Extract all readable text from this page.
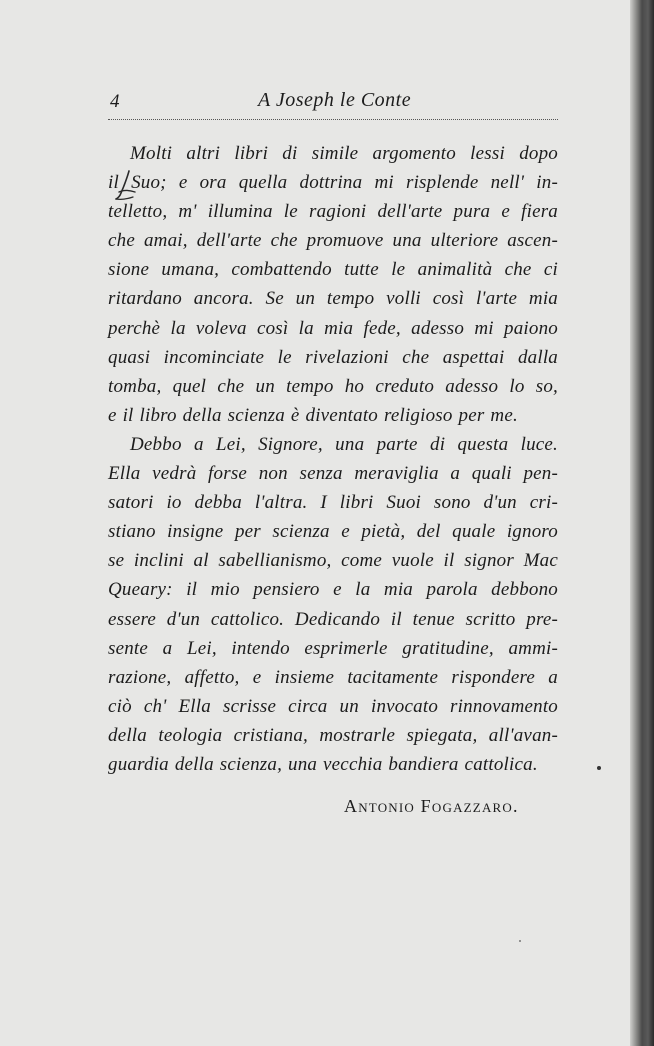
4	A Joseph le Conte
Molti altri libri di simile argomento lessi dopo
il Suo; e ora quella dottrina mi risplende nell' in-
telletto, m' illumina le ragioni dell'arte pura e fiera
che amai, dell'arte che promuove una ulteriore ascen-
sione umana, combattendo tutte le animalità che ci
ritardano ancora. Se un tempo volli così l'arte mia
perchè la voleva così la mia fede, adesso mi paiono
quasi incominciate le rivelazioni che aspettai dalla
tomba, quel che un tempo ho creduto adesso lo so,
e il libro della scienza è diventato religioso per me.
Debbo a Lei, Signore, una parte di questa luce.
Ella vedrà forse non senza meraviglia a quali pen-
satori io debba l'altra. I libri Suoi sono d'un cri-
stiano insigne per scienza e pietà, del quale ignoro
se inclini al sabellianismo, come vuole il signor Mac
Queary: il mio pensiero e la mia parola debbono
essere d'un cattolico. Dedicando il tenue scritto pre-
sente a Lei, intendo esprimerle gratitudine, ammi-
razione, affetto, e insieme tacitamente rispondere a
ciò ch' Ella scrisse circa un invocato rinnovamento
della teologia cristiana, mostrarle spiegata, all'avan-
guardia della scienza, una vecchia bandiera cattolica.
Antonio Fogazzaro.
